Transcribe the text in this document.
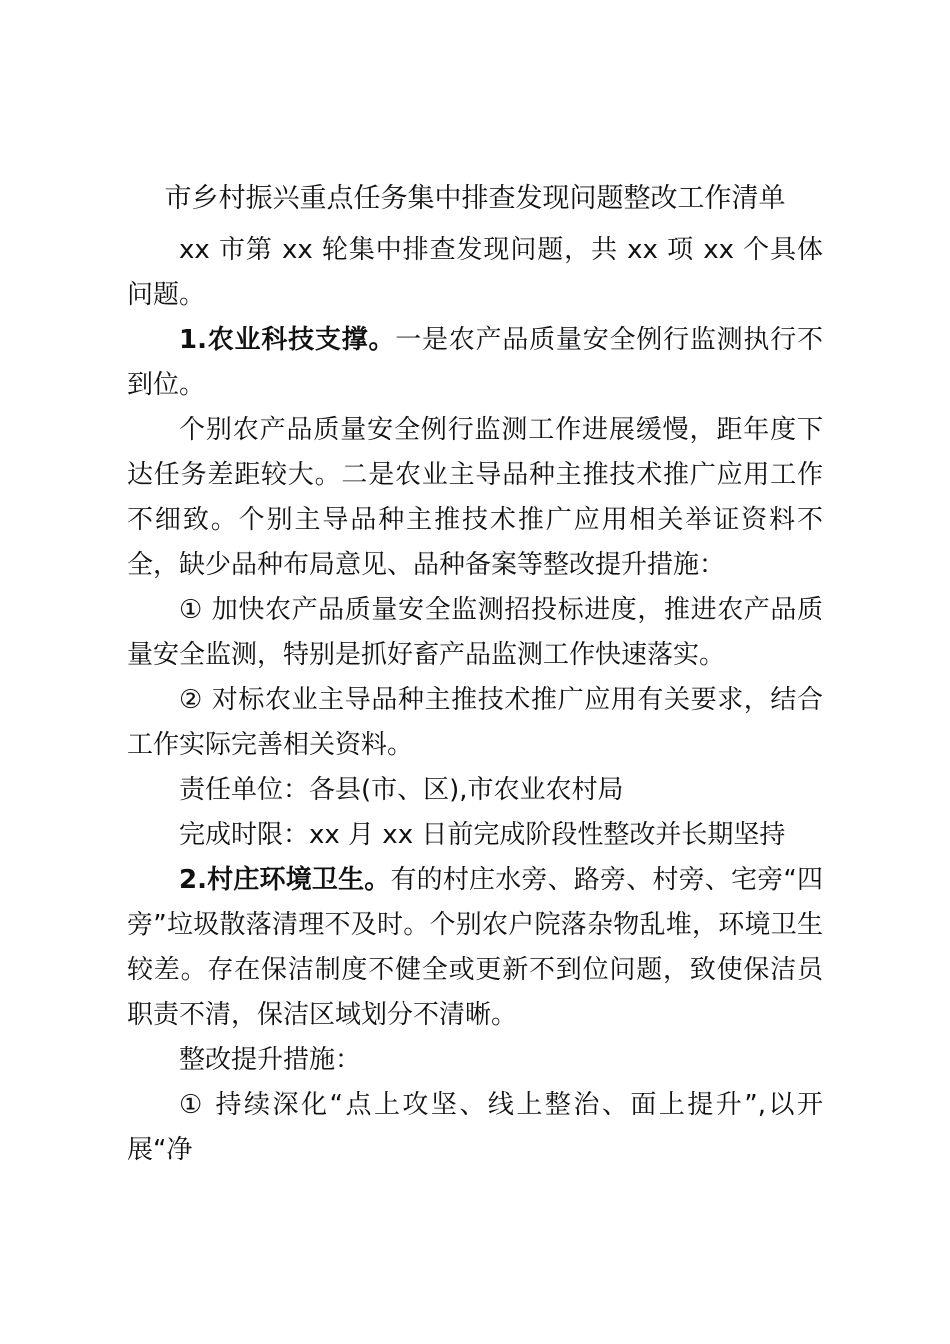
市乡村振兴重点任务集中排查发现问题整改工作清单

xx 市第 xx 轮集中排查发现问题，共 xx 项 xx 个具体问题。

1.农业科技支撑。一是农产品质量安全例行监测执行不到位。

个别农产品质量安全例行监测工作进展缓慢，距年度下达任务差距较大。二是农业主导品种主推技术推广应用工作不细致。个别主导品种主推技术推广应用相关举证资料不全，缺少品种布局意见、品种备案等整改提升措施：

① 加快农产品质量安全监测招投标进度，推进农产品质量安全监测，特别是抓好畜产品监测工作快速落实。

② 对标农业主导品种主推技术推广应用有关要求，结合工作实际完善相关资料。

责任单位：各县(市、区),市农业农村局

完成时限：xx 月 xx 日前完成阶段性整改并长期坚持

2.村庄环境卫生。有的村庄水旁、路旁、村旁、宅旁“四旁”垃圾散落清理不及时。个别农户院落杂物乱堆，环境卫生较差。存在保洁制度不健全或更新不到位问题，致使保洁员职责不清，保洁区域划分不清晰。

整改提升措施：

① 持续深化“点上攻坚、线上整治、面上提升”,以开展“净
